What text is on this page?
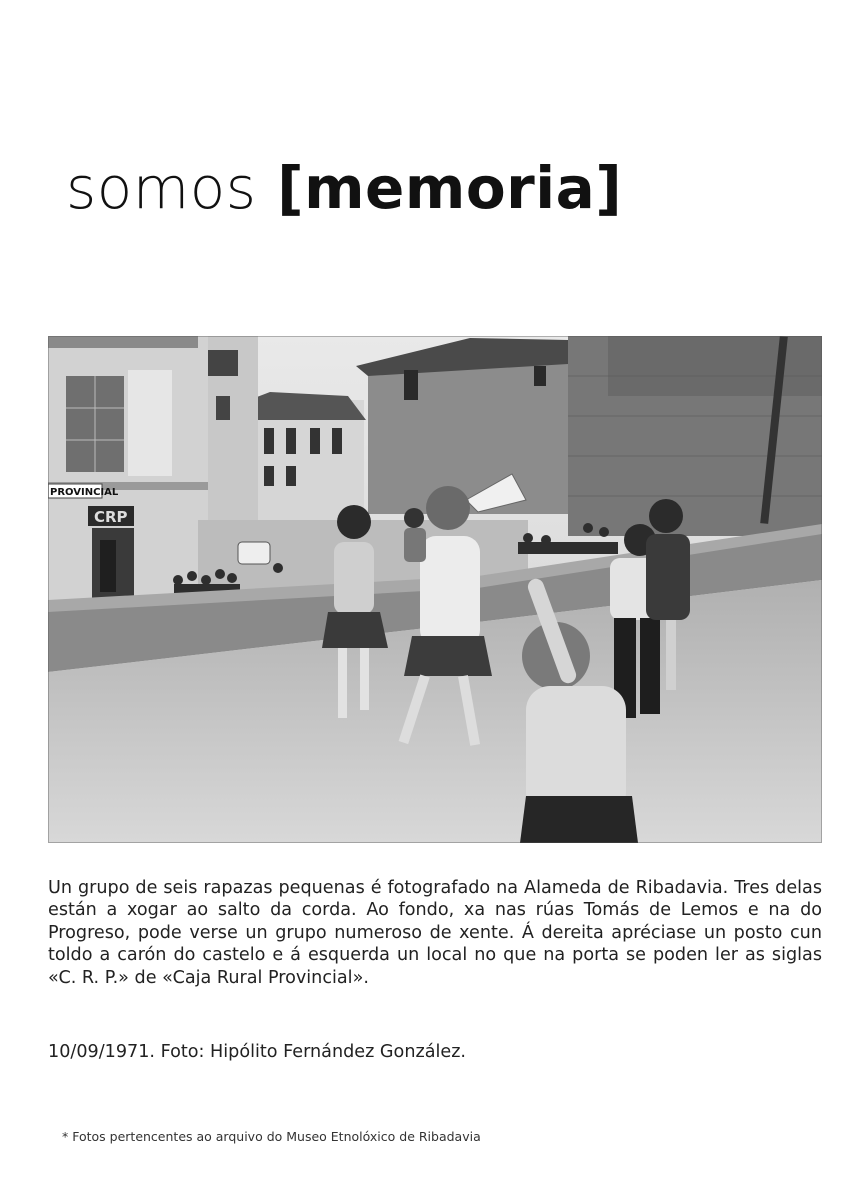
somos [memoria]
PROVINCIAL
CRP

Un grupo de seis rapazas pequenas é fotografado na Alameda de Ribadavia. Tres delas están a xogar ao salto da corda. Ao fondo, xa nas rúas Tomás de Lemos e na do Progreso, pode verse un grupo numeroso de xente. Á dereita apréciase un posto cun toldo a carón do castelo e á esquerda un local no que na porta se poden ler as siglas «C. R. P.» de «Caja Rural Provincial».

10/09/1971. Foto: Hipólito Fernández González.

* Fotos pertencentes ao arquivo do Museo Etnolóxico de Ribadavia
